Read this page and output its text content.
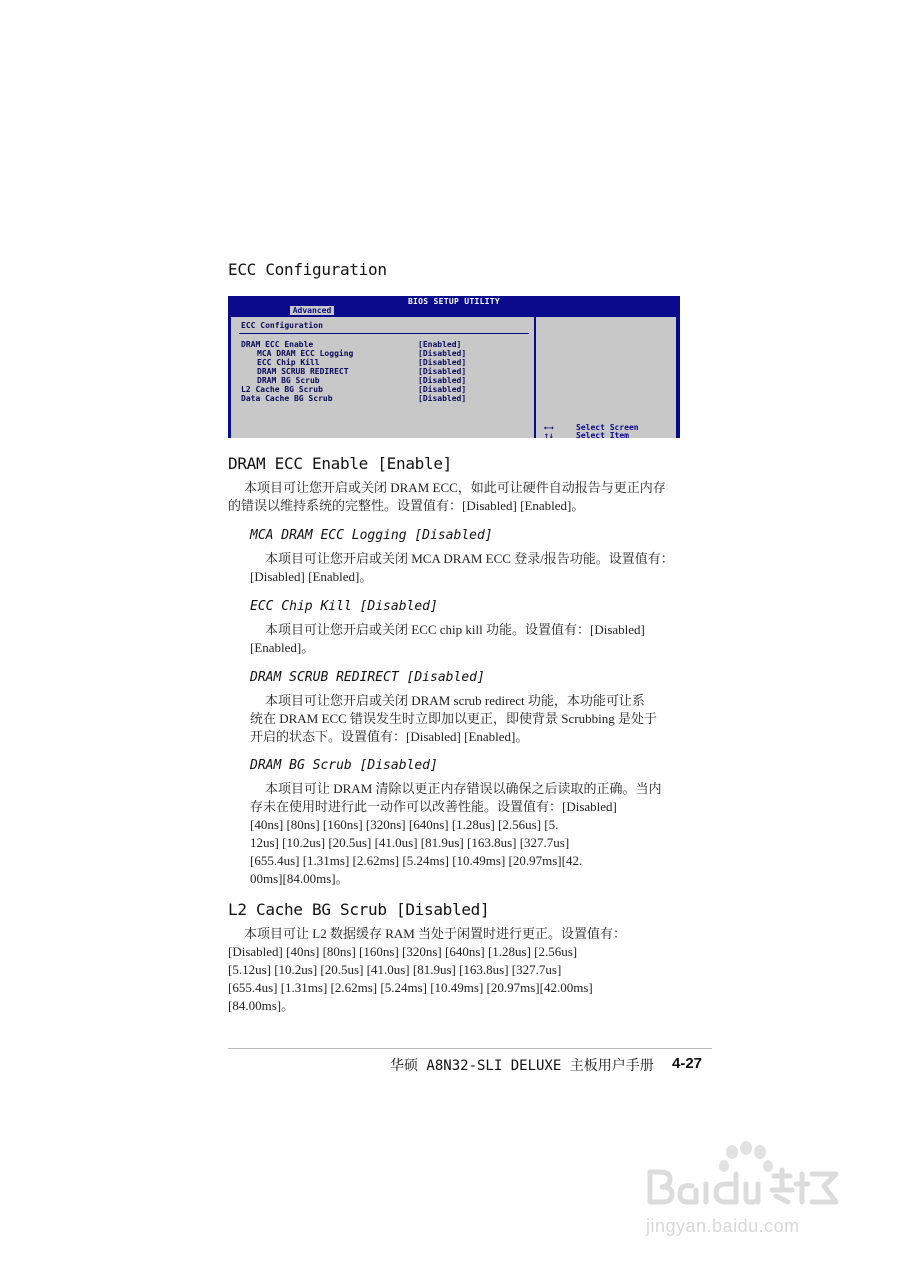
ECC Configuration
BIOS SETUP UTILITY
Advanced
ECC Configuration
DRAM ECC Enable	[Enabled]
MCA DRAM ECC Logging	[Disabled]
ECC Chip Kill	[Disabled]
DRAM SCRUB REDIRECT	[Disabled]
DRAM BG Scrub	[Disabled]
L2 Cache BG Scrub	[Disabled]
Data Cache BG Scrub	[Disabled]
←→	Select Screen
↑↓	Select Item
DRAM ECC Enable [Enable]
本项目可让您开启或关闭 DRAM ECC，如此可让硬件自动报告与更正内存
的错误以维持系统的完整性。设置值有：[Disabled] [Enabled]。
MCA DRAM ECC Logging [Disabled]
本项目可让您开启或关闭 MCA DRAM ECC 登录/报告功能。设置值有：
[Disabled] [Enabled]。
ECC Chip Kill [Disabled]
本项目可让您开启或关闭 ECC chip kill 功能。设置值有：[Disabled]
[Enabled]。
DRAM SCRUB REDIRECT [Disabled]
本项目可让您开启或关闭 DRAM scrub redirect 功能，本功能可让系
统在 DRAM ECC 错误发生时立即加以更正，即使背景 Scrubbing 是处于
开启的状态下。设置值有：[Disabled] [Enabled]。
DRAM BG Scrub [Disabled]
本项目可让 DRAM 清除以更正内存错误以确保之后读取的正确。当内
存未在使用时进行此一动作可以改善性能。设置值有：[Disabled]
[40ns] [80ns] [160ns] [320ns] [640ns] [1.28us] [2.56us] [5.
12us] [10.2us] [20.5us] [41.0us] [81.9us] [163.8us] [327.7us]
[655.4us] [1.31ms] [2.62ms] [5.24ms] [10.49ms] [20.97ms][42.
00ms][84.00ms]。
L2 Cache BG Scrub [Disabled]
本项目可让 L2 数据缓存 RAM 当处于闲置时进行更正。设置值有：
[Disabled] [40ns] [80ns] [160ns] [320ns] [640ns] [1.28us] [2.56us]
[5.12us] [10.2us] [20.5us] [41.0us] [81.9us] [163.8us] [327.7us]
[655.4us] [1.31ms] [2.62ms] [5.24ms] [10.49ms] [20.97ms][42.00ms]
[84.00ms]。
华硕 A8N32-SLI DELUXE 主板用户手册 4-27
jingyan.baidu.com
